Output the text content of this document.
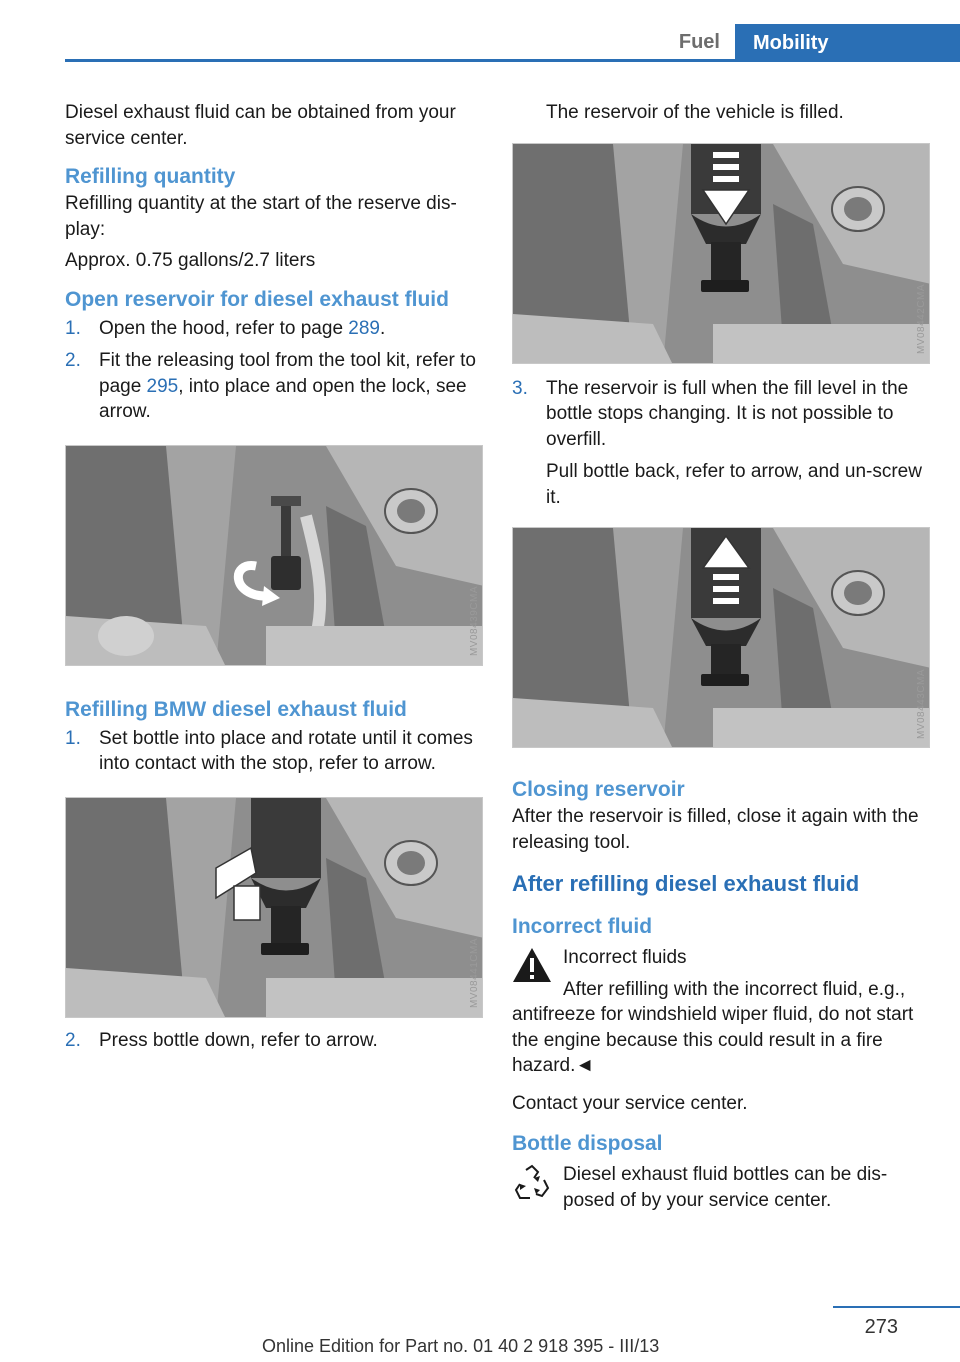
Fuel	Mobility

Diesel exhaust fluid can be obtained from your service center.

Refilling quantity

Refilling quantity at the start of the reserve dis‐play:

Approx. 0.75 gallons/2.7 liters

Open reservoir for diesel exhaust fluid
1. Open the hood, refer to page 289.
2. Fit the releasing tool from the tool kit, refer to page 295, into place and open the lock, see arrow.
MV08439CMA
Refilling BMW diesel exhaust fluid
1. Set bottle into place and rotate until it comes into contact with the stop, refer to arrow.
MV08441CMA
2. Press bottle down, refer to arrow.

The reservoir of the vehicle is filled.

MV08442CMA
3. The reservoir is full when the fill level in the bottle stops changing. It is not possible to overfill.

Pull bottle back, refer to arrow, and un‐screw it.

MV08443CMA
Closing reservoir

After the reservoir is filled, close it again with the releasing tool.

After refilling diesel exhaust fluid
Incorrect fluid

Incorrect fluids

After refilling with the incorrect fluid, e.g., antifreeze for windshield wiper fluid, do not start the engine because this could result in a fire hazard.◄

Contact your service center.

Bottle disposal

Diesel exhaust fluid bottles can be dis‐posed of by your service center.

273
Online Edition for Part no. 01 40 2 918 395 - III/13
